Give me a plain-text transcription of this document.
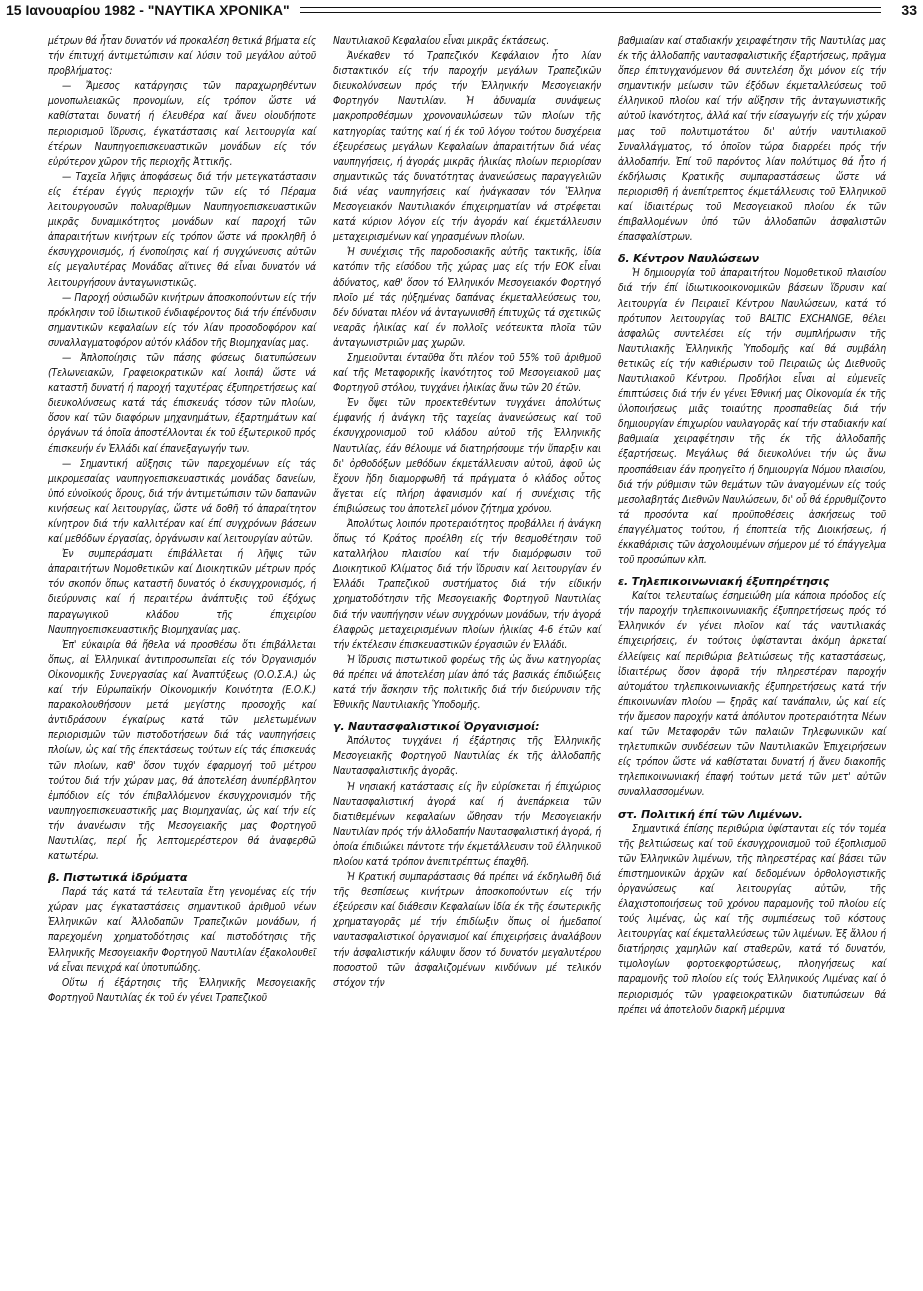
15 Ιανουαρίου 1982 - "ΝΑΥΤΙΚΑ ΧΡΟΝΙΚΑ"	33

μέτρων θά ἦταν δυνατόν νά προκαλέση θετικά βήματα είς τήν έπιτυχή άντιμετώπισιν καί λύσιν τοῦ μεγάλου αὐτοῦ προβλήματος:

— Ἄμεσος κατάργησις τῶν παραχωρηθέντων μονοπωλειακῶς προνομίων, είς τρόπον ὥστε νά καθίσταται δυνατή ή έλευθέρα καί ἄνευ οἱουδήποτε περιορισμοῦ ἵδρυσις, έγκατάστασις καί λειτουργία καί έτέρων Ναυπηγοεπισκευαστικῶν μονάδων είς τόν εὐρύτερον χῶρον τῆς περιοχῆς Ἀττικῆς.

— Ταχεῖα λῆψις ἀποφάσεως διά τήν μετεγκατάστασιν είς έτέραν έγγύς περιοχήν τῶν είς τό Πέραμα λειτουργουσῶν πολυαρίθμων Ναυπηγοεπισκευαστικῶν μικρᾶς δυναμικότητος μονάδων καί παροχή τῶν ἀπαραιτήτων κινήτρων είς τρόπον ὥστε νά προκληθῆ ὁ έκσυγχρονισμός, ή ένοποίησις καί ή συγχώνευσις αὐτῶν είς μεγαλυτέρας Μονάδας αἵτινες θά εἶναι δυνατόν νά λειτουργήσουν ἀνταγωνιστικῶς.

— Παροχή οὐσιωδῶν κινήτρων ἀποσκοπούντων είς τήν πρόκλησιν τοῦ ἰδιωτικοῦ ένδιαφέροντος διά τήν έπένδυσιν σημαντικῶν κεφαλαίων είς τόν λίαν προσοδοφόρον καί συναλλαγματοφόρον αὐτόν κλάδον τῆς Βιομηχανίας μας.

— Ἀπλοποίησις τῶν πάσης φύσεως διατυπώσεων (Τελωνειακῶν, Γραφειοκρατικῶν καί λοιπά) ὥστε νά καταστῆ δυνατή ή παροχή ταχυτέρας έξυπηρετήσεως καί διευκολύνσεως κατά τάς έπισκευάς τόσον τῶν πλοίων, ὅσον καί τῶν διαφόρων μηχανημάτων, έξαρτημάτων καί ὀργάνων τά ὁποῖα ἀποστέλλονται έκ τοῦ έξωτερικοῦ πρός έπισκευήν έν Ἑλλάδι καί έπανεξαγωγήν των.

— Σημαντική αὔξησις τῶν παρεχομένων είς τάς μικρομεσαίας ναυπηγοεπισκευαστικάς μονάδας δανείων, ὑπό εὐνοϊκούς ὅρους, διά τήν ἀντιμετώπισιν τῶν δαπανῶν κινήσεως καί λειτουργίας, ὥστε νά δοθῆ τό ἀπαραίτητον κίνητρον διά τήν καλλιτέραν καί έπί συγχρόνων βάσεων καί μεθόδων έργασίας, ὀργάνωσιν καί λειτουργίαν αὐτῶν.

Ἐν συμπεράσματι έπιβάλλεται ή λῆψις τῶν ἀπαραιτήτων Νομοθετικῶν καί Διοικητικῶν μέτρων πρός τόν σκοπόν ὅπως καταστῆ δυνατός ὁ έκσυγχρονισμός, ή διεύρυνσις καί ή περαιτέρω ἀνάπτυξις τοῦ έξόχως παραγωγικοῦ κλάδου τῆς έπιχειρίου Ναυπηγοεπισκευαστικῆς Βιομηχανίας μας.

Ἐπ' εὐκαιρία θά ἤθελα νά προσθέσω ὅτι έπιβάλλεται ὅπως, αἱ Ἑλληνικαί ἀντιπροσωπεῖαι είς τόν Ὀργανισμόν Οἰκονομικῆς Συνεργασίας καί Ἀναπτύξεως (Ο.Ο.Σ.Α.) ὡς καί τήν Εὐρωπαϊκήν Οἰκονομικήν Κοινότητα (Ε.Ο.Κ.) παρακολουθήσουν μετά μεγίστης προσοχῆς καί ἀντιδράσουν έγκαίρως κατά τῶν μελετωμένων περιορισμῶν τῶν πιστοδοτήσεων διά τάς ναυπηγήσεις πλοίων, ὡς καί τῆς έπεκτάσεως τούτων είς τάς έπισκευάς τῶν πλοίων, καθ' ὅσον τυχόν έφαρμογή τοῦ μέτρου τούτου διά τήν χώραν μας, θά ἀποτελέση ἀνυπέρβλητον ἐμπόδιον είς τόν έπιβαλλόμενον έκσυγχρονισμόν τῆς ναυπηγοεπισκευαστικῆς μας Βιομηχανίας, ὡς καί τήν είς τήν ἀνανέωσιν τῆς Μεσογειακῆς μας Φορτηγοῦ Ναυτιλίας, περί ἧς λεπτομερέστερον θά ἀναφερθῶ κατωτέρω.

β. Πιστωτικά ἱδρύματα

Παρά τάς κατά τά τελευταῖα ἔτη γενομένας είς τήν χώραν μας έγκαταστάσεις σημαντικοῦ ἀριθμοῦ νέων Ἑλληνικῶν καί Ἀλλοδαπῶν Τραπεζικῶν μονάδων, ή παρεχομένη χρηματοδότησις καί πιστοδότησις τῆς Ἑλληνικῆς Μεσογειακῆν Φορτηγοῦ Ναυτιλίαν έξακολουθεῖ νά εἶναι πενιχρά καί ὑποτυπώδης.

Οὕτω ή έξάρτησις τῆς Ἑλληνικῆς Μεσογειακῆς Φορτηγοῦ Ναυτιλίας έκ τοῦ έν γένει Τραπεζικοῦ

Ναυτιλιακοῦ Κεφαλαίου εἶναι μικρᾶς έκτάσεως.

Ἀνέκαθεν τό Τραπεζικόν Κεφάλαιον ἦτο λίαν διστακτικόν είς τήν παροχήν μεγάλων Τραπεζικῶν διευκολύνσεων πρός τήν Ἑλληνικήν Μεσογειακήν Φορτηγόν Ναυτιλίαν. Ἡ ἀδυναμία συνάψεως μακροπροθέσμων χρονοναυλώσεων τῶν πλοίων τῆς κατηγορίας ταύτης καί ή έκ τοῦ λόγου τούτου δυσχέρεια έξευρέσεως μεγάλων Κεφαλαίων ἀπαραιτήτων διά νέας ναυπηγήσεις, ή ἀγοράς μικρᾶς ἡλικίας πλοίων περιορίσαν σημαντικῶς τάς δυνατότητας ἀνανεώσεως παραγγελιῶν διά νέας ναυπηγήσεις καί ἠνάγκασαν τόν Ἕλληνα Μεσογειακόν Ναυτιλιακόν έπιχειρηματίαν νά στρέφεται κατά κύριον λόγον είς τήν ἀγοράν καί έκμετάλλευσιν μεταχειρισμένων καί γηρασμένων πλοίων.

Ἡ συνέχισις τῆς παροδοσιακῆς αὐτῆς τακτικῆς, ἰδία κατόπιν τῆς είσόδου τῆς χώρας μας είς τήν ΕΟΚ εἶναι ἀδύνατος, καθ' ὅσον τό Ἑλληνικόν Μεσογειακόν Φορτηγό πλοῖο μέ τάς ηὐξημένας δαπάνας έκμεταλλεύσεως του, δέν δύναται πλέον νά ἀνταγωνισθῆ έπιτυχῶς τά σχετικῶς νεαρᾶς ἡλικίας καί έν πολλοῖς νεότευκτα πλοῖα τῶν ἀνταγωνιστριῶν μας χωρῶν.

Σημειοῦνται ένταῦθα ὅτι πλέον τοῦ 55% τοῦ ἀριθμοῦ καί τῆς Μεταφορικῆς ἱκανότητος τοῦ Μεσογειακοῦ μας Φορτηγοῦ στόλου, τυγχάνει ἡλικίας ἄνω τῶν 20 έτῶν.

Ἐν ὄψει τῶν προεκτεθέντων τυγχάνει ἀπολύτως έμφανής ή ἀνάγκη τῆς ταχείας ἀνανεώσεως καί τοῦ έκσυγχρονισμοῦ τοῦ κλάδου αὐτοῦ τῆς Ἑλληνικῆς Ναυτιλίας, έάν θέλουμε νά διατηρήσουμε τήν ὕπαρξιν και δι' ὀρθοδόξων μεθόδων έκμετάλλευσιν αὐτοῦ, ἀφοῦ ὡς ἔχουν ἤδη διαμορφωθῆ τά πράγματα ὁ κλάδος οὗτος ἄγεται είς πλήρη ἀφανισμόν καί ή συνέχισις τῆς έπιβιώσεως του ἀποτελεῖ μόνον ζήτημα χρόνου.

Ἀπολύτως λοιπόν προτεραιότητος προβάλλει ή ἀνάγκη ὅπως τό Κράτος προέλθη είς τήν θεσμοθέτησιν τοῦ καταλλήλου πλαισίου καί τήν διαμόρφωσιν τοῦ Διοικητικοῦ Κλίματος διά τήν ἵδρυσιν καί λειτουργίαν έν Ἑλλάδι Τραπεζικοῦ συστήματος διά τήν είδικήν χρηματοδότησιν τῆς Μεσογειακῆς Φορτηγοῦ Ναυτιλίας διά τήν ναυπήγησιν νέων συγχρόνων μονάδων, τήν ἀγορά έλαφρῶς μεταχειρισμένων πλοίων ἡλικίας 4-6 έτῶν καί τήν έκτέλεσιν έπισκευαστικῶν έργασιῶν έν Ἑλλάδι.

Ἡ ἵδρυσις πιστωτικοῦ φορέως τῆς ὡς ἄνω κατηγορίας θά πρέπει νά ἀποτελέση μίαν ἀπό τάς βασικάς έπιδιώξεις κατά τήν ἄσκησιν τῆς πολιτικῆς διά τήν διεύρυνσιν τῆς Ἐθνικῆς Ναυτιλιακῆς Ὑποδομῆς.

γ. Ναυτασφαλιστικοί Ὀργανισμοί:

Ἀπόλυτος τυγχάνει ή έξάρτησις τῆς Ἑλληνικῆς Μεσογειακῆς Φορτηγοῦ Ναυτιλίας έκ τῆς ἀλλοδαπῆς Ναυτασφαλιστικῆς ἀγορᾶς.

Ἡ νησιακή κατάστασις είς ἣν εὑρίσκεται ή έπιχώριος Ναυτασφαλιστική ἀγορά καί ή ἀνεπάρκεια τῶν διατιθεμένων κεφαλαίων ὤθησαν τήν Μεσογειακήν Ναυτιλίαν πρός τήν ἀλλοδαπήν Ναυτασφαλιστική ἀγορά, ή ὁποία έπιδιώκει πάντοτε τήν έκμετάλλευσιν τοῦ έλληνικοῦ πλοίου κατά τρόπον ἀνεπιτρέπτως έπαχθῆ.

Ἡ Κρατική συμπαράστασις θά πρέπει νά έκδηλωθῆ διά τῆς θεσπίσεως κινήτρων ἀποσκοπούντων είς τήν έξεύρεσιν καί διάθεσιν Κεφαλαίων ἰδία έκ τῆς έσωτερικῆς χρηματαγορᾶς μέ τήν έπιδίωξιν ὅπως οἱ ἡμεδαποί ναυτασφαλιστικοί ὀργανισμοί καί έπιχειρήσεις ἀναλάβουν τήν ἀσφαλιστικήν κάλυψιν ὅσον τό δυνατόν μεγαλυτέρου ποσοστοῦ τῶν ἀσφαλιζομένων κινδύνων μέ τελικόν στόχον τήν

βαθμιαίαν καί σταδιακήν χειραφέτησιν τῆς Ναυτιλίας μας έκ τῆς ἀλλοδαπῆς ναυτασφαλιστικῆς έξαρτήσεως, πρᾶγμα ὅπερ έπιτυγχανόμενον θά συντελέση ὄχι μόνον είς τήν σημαντικήν μείωσιν τῶν έξόδων έκμεταλλεύσεως τοῦ έλληνικοῦ πλοίου καί τήν αὔξησιν τῆς ἀνταγωνιστικῆς αὐτοῦ ἱκανότητος, ἀλλά καί τήν είσαγωγήν είς τήν χώραν μας τοῦ πολυτιμοτάτου δι' αὐτήν ναυτιλιακοῦ Συναλλάγματος, τό ὁποῖον τώρα διαρρέει πρός τήν ἀλλοδαπήν. Ἐπί τοῦ παρόντος λίαν πολύτιμος θά ἦτο ή έκδήλωσις Κρατικῆς συμπαραστάσεως ὥστε νά περιορισθῆ ή ἀνεπίτρεπτος έκμετάλλευσις τοῦ Ἑλληνικοῦ καί ἰδιαιτέρως τοῦ Μεσογειακοῦ πλοίου έκ τῶν έπιβαλλομένων ὑπό τῶν ἀλλοδαπῶν ἀσφαλιστῶν έπασφαλίστρων.

δ. Κέντρον Ναυλώσεων

Ἡ δημιουργία τοῦ ἀπαραιτήτου Νομοθετικοῦ πλαισίου διά τήν έπί ἰδιωτικοοικονομικῶν βάσεων ἵδρυσιν καί λειτουργία έν Πειραιεῖ Κέντρου Ναυλώσεων, κατά τό πρότυπον λειτουργίας τοῦ BALTIC EXCHANGE, θέλει ἀσφαλῶς συντελέσει είς τήν συμπλήρωσιν τῆς Ναυτιλιακῆς Ἑλληνικῆς Ὑποδομῆς καί θά συμβάλη θετικῶς είς τήν καθιέρωσιν τοῦ Πειραιῶς ὡς Διεθνοῦς Ναυτιλιακοῦ Κέντρου. Προδήλοι εἶναι αἱ εὐμενεῖς έπιπτώσεις διά τήν έν γένει Ἐθνική μας Οἰκονομία έκ τῆς ὑλοποιήσεως μιᾶς τοιαύτης προσπαθείας διά τήν δημιουργίαν έπιχωρίου ναυλαγορᾶς καί τήν σταδιακήν καί βαθμιαία χειραφέτησιν τῆς έκ τῆς ἀλλοδαπῆς έξαρτήσεως. Μεγάλως θά διευκολύνει τήν ὡς ἄνω προσπάθειαν έάν προηγεῖτο ή δημιουργία Νόμου πλαισίου, διά τήν ρύθμισιν τῶν θεμάτων τῶν ἀναγομένων είς τούς μεσολαβητάς Διεθνῶν Ναυλώσεων, δι' οὗ θά έρρυθμίζοντο τά προσόντα καί προϋποθέσεις ἀσκήσεως τοῦ έπαγγέλματος τούτου, ή έποπτεία τῆς Διοικήσεως, ή έκκαθάρισις τῶν ἀσχολουμένων σήμερον μέ τό έπάγγελμα τοῦ προσώπων κλπ.

ε. Τηλεπικοινωνιακή έξυπηρέτησις

Καίτοι τελευταίως έσημειώθη μία κάποια πρόοδος είς τήν παροχήν τηλεπικοινωνιακῆς έξυπηρετήσεως πρός τό Ἑλληνικόν έν γένει πλοῖον καί τάς ναυτιλιακάς έπιχειρήσεις, έν τούτοις ὑφίστανται ἀκόμη ἀρκεταί έλλείψεις καί περιθώρια βελτιώσεως τῆς καταστάσεως, ἰδιαιτέρως ὅσον ἀφορᾶ τήν πληρεστέραν παροχήν αὐτομάτου τηλεπικοινωνιακῆς έξυπηρετήσεως κατά τήν έπικοινωνίαν πλοίου — ξηρᾶς καί τανάπαλιν, ὡς καί είς τήν ἄμεσον παροχήν κατά ἀπόλυτον προτεραιότητα Νέων καί τῶν Μεταφορᾶν τῶν παλαιῶν Τηλεφωνικῶν καί τηλετυπικῶν συνδέσεων τῶν Ναυτιλιακῶν Ἐπιχειρήσεων είς τρόπον ὥστε νά καθίσταται δυνατή ή ἄνευ διακοπῆς τηλεπικοινωνιακή έπαφή τούτων μετά τῶν μετ' αὐτῶν συναλλασσομένων.

στ. Πολιτική έπί τῶν Λιμένων.

Σημαντικά έπίσης περιθώρια ὑφίστανται είς τόν τομέα τῆς βελτιώσεως καί τοῦ έκσυγχρονισμοῦ τοῦ έξοπλισμοῦ τῶν Ἑλληνικῶν λιμένων, τῆς πληρεστέρας καί βάσει τῶν έπιστημονικῶν ἀρχῶν καί δεδομένων ὀρθολογιστικῆς ὀργανώσεως καί λειτουργίας αὐτῶν, τῆς έλαχιστοποιήσεως τοῦ χρόνου παραμονῆς τοῦ πλοίου είς τούς λιμένας, ὡς καί τῆς συμπιέσεως τοῦ κόστους λειτουργίας καί έκμεταλλεύσεως τῶν λιμένων. Ἐξ ἄλλου ή διατήρησις χαμηλῶν καί σταθερῶν, κατά τό δυνατόν, τιμολογίων φορτοεκφορτώσεως, πλοηγήσεως καί παραμονῆς τοῦ πλοίου είς τούς Ἑλληνικούς Λιμένας καί ὁ περιορισμός τῶν γραφειοκρατικῶν διατυπώσεων θά πρέπει νά ἀποτελοῦν διαρκῆ μέριμνα
